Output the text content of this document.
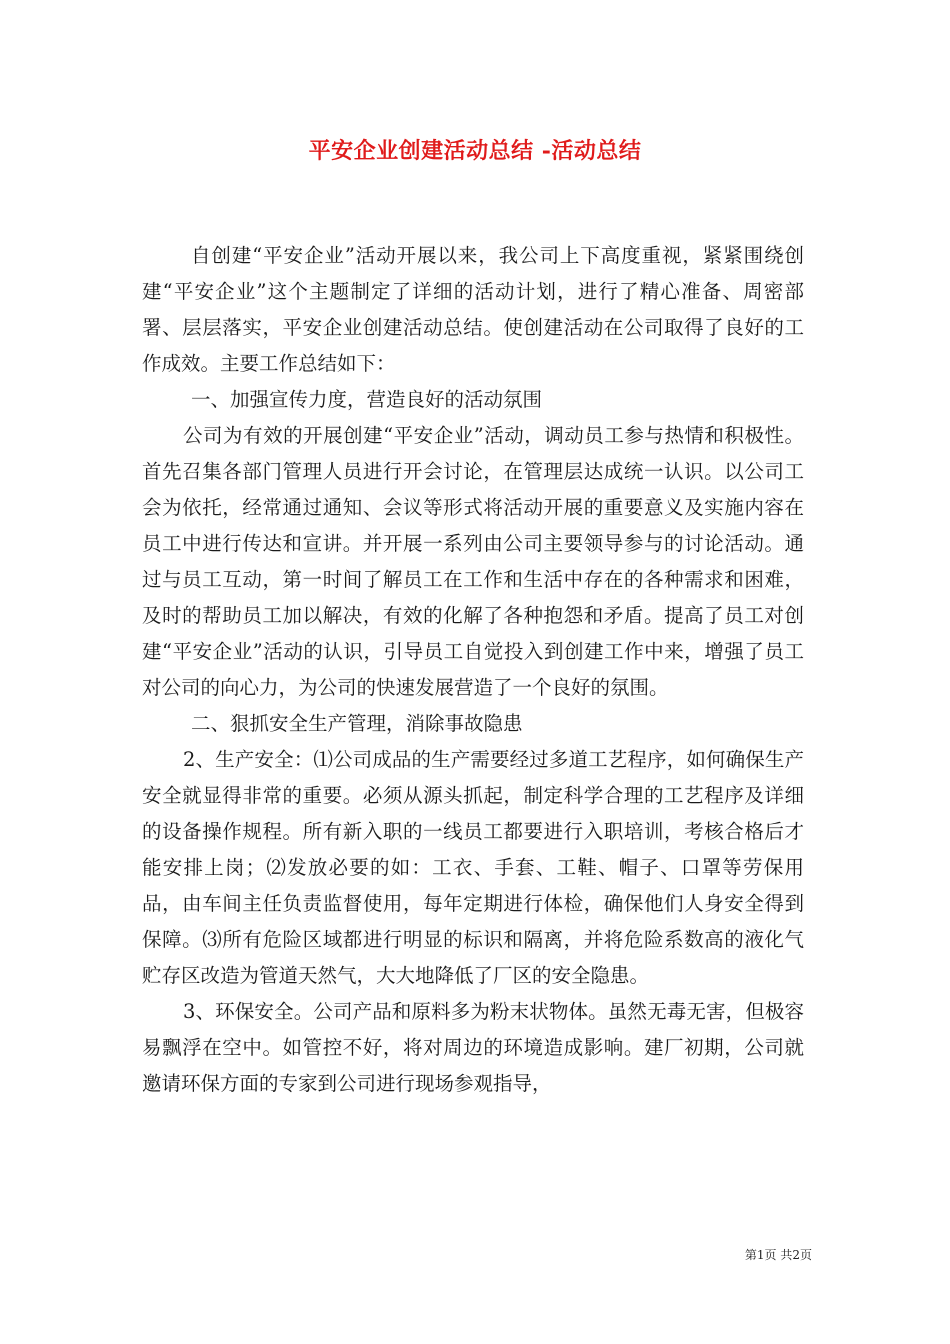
平安企业创建活动总结 -活动总结

自创建“平安企业”活动开展以来，我公司上下高度重视，紧紧围绕创建“平安企业”这个主题制定了详细的活动计划，进行了精心准备、周密部署、层层落实，平安企业创建活动总结。使创建活动在公司取得了良好的工作成效。主要工作总结如下：

一、加强宣传力度，营造良好的活动氛围

公司为有效的开展创建“平安企业”活动，调动员工参与热情和积极性。首先召集各部门管理人员进行开会讨论，在管理层达成统一认识。以公司工会为依托，经常通过通知、会议等形式将活动开展的重要意义及实施内容在员工中进行传达和宣讲。并开展一系列由公司主要领导参与的讨论活动。通过与员工互动，第一时间了解员工在工作和生活中存在的各种需求和困难，及时的帮助员工加以解决，有效的化解了各种抱怨和矛盾。提高了员工对创建“平安企业”活动的认识，引导员工自觉投入到创建工作中来，增强了员工对公司的向心力，为公司的快速发展营造了一个良好的氛围。

二、狠抓安全生产管理，消除事故隐患

2、生产安全：⑴公司成品的生产需要经过多道工艺程序，如何确保生产安全就显得非常的重要。必须从源头抓起，制定科学合理的工艺程序及详细的设备操作规程。所有新入职的一线员工都要进行入职培训，考核合格后才能安排上岗；⑵发放必要的如：工衣、手套、工鞋、帽子、口罩等劳保用品，由车间主任负责监督使用，每年定期进行体检，确保他们人身安全得到保障。⑶所有危险区域都进行明显的标识和隔离，并将危险系数高的液化气贮存区改造为管道天然气，大大地降低了厂区的安全隐患。

3、环保安全。公司产品和原料多为粉末状物体。虽然无毒无害，但极容易飘浮在空中。如管控不好，将对周边的环境造成影响。建厂初期，公司就邀请环保方面的专家到公司进行现场参观指导，

第1页 共2页
